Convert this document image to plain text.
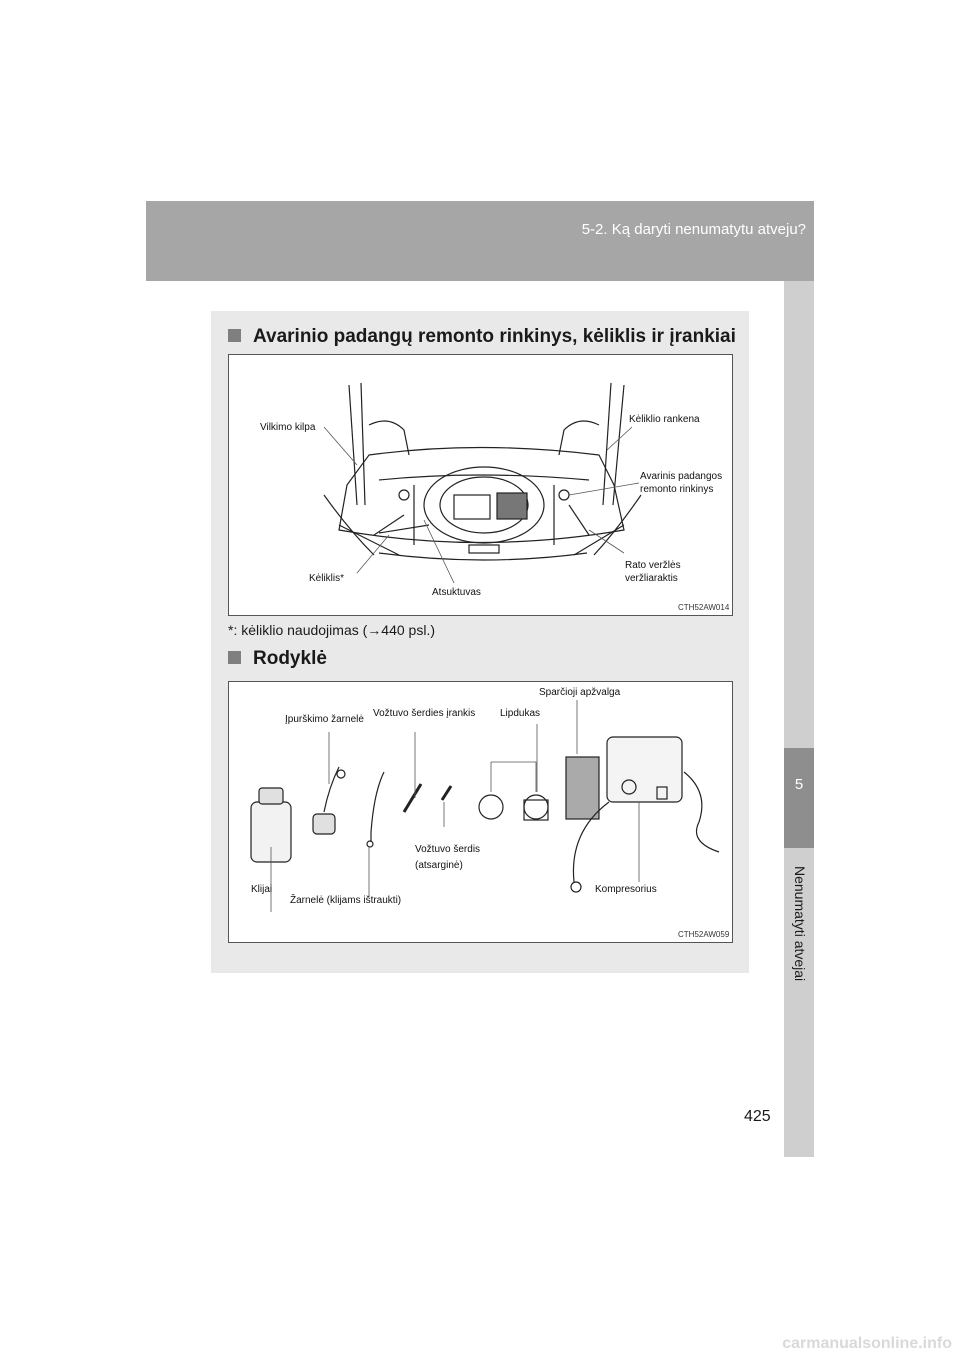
5-2. Ką daryti nenumatytu atveju?
5
Nenumatyti atvejai
Avarinio padangų remonto rinkinys, kėliklis ir įrankiai
Vilkimo kilpa
Kėliklio rankena
Avarinis padangos
remonto rinkinys
Rato veržlės
veržliaraktis
Kėliklis*
Atsuktuvas
CTH52AW014
*: kėliklio naudojimas (→440 psl.)
Rodyklė
Sparčioji apžvalga
Įpurškimo žarnelė
Vožtuvo šerdies įrankis Lipdukas
Vožtuvo šerdis
(atsarginė)
Klijai
Žarnelė (klijams ištraukti)
Kompresorius
CTH52AW059
425
carmanualsonline.info
